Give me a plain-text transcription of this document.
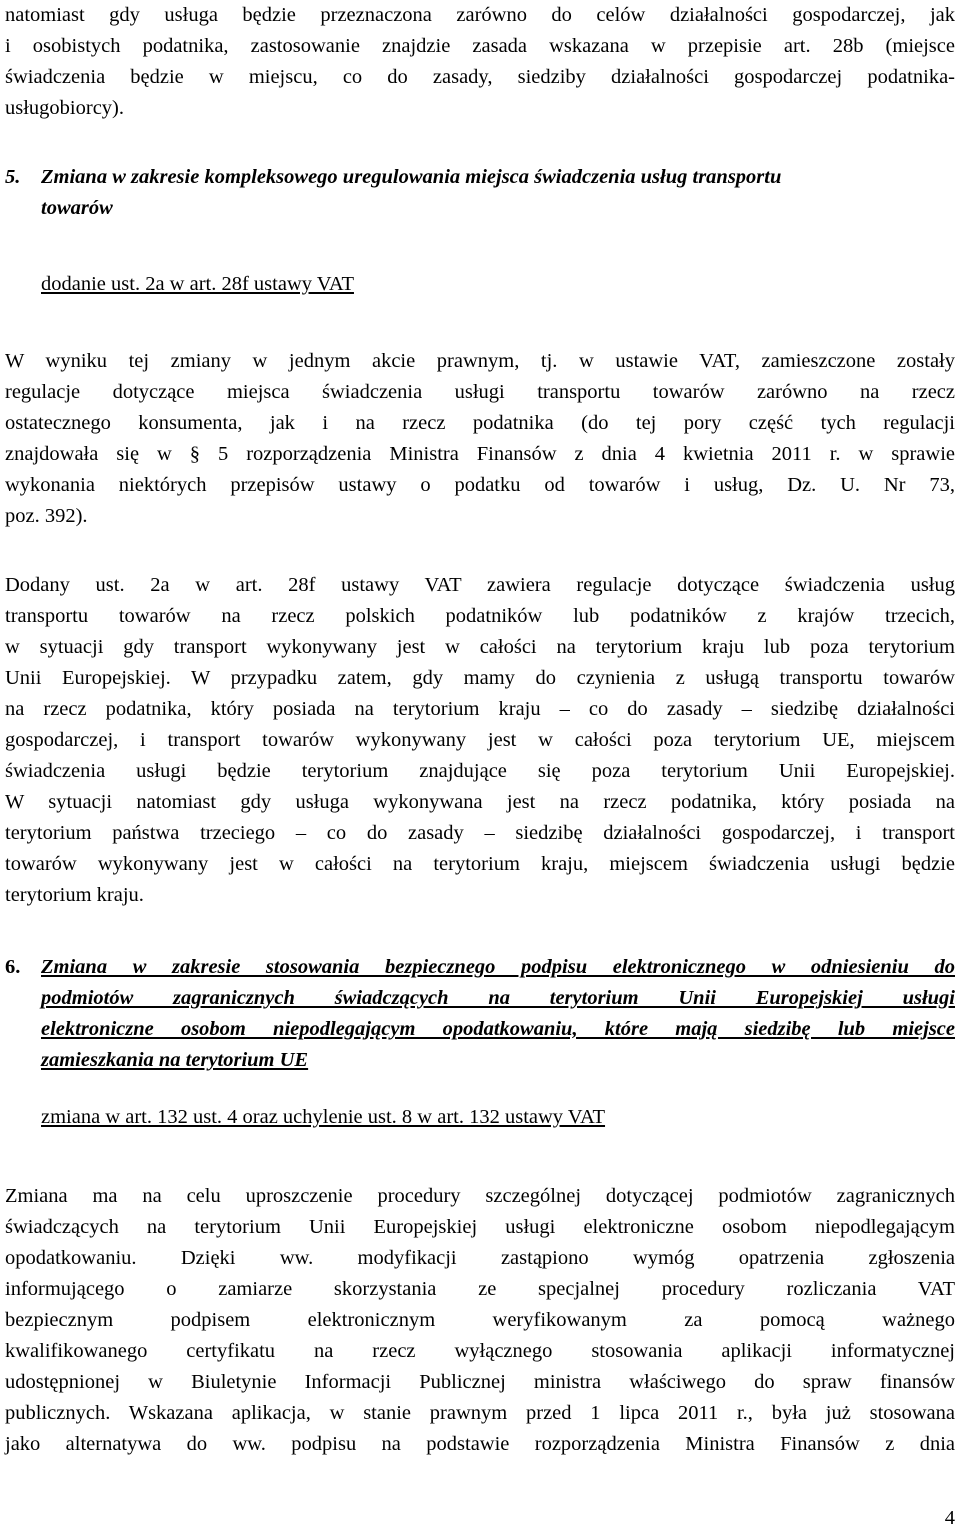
natomiast gdy usługa będzie przeznaczona zarówno do celów działalności gospodarczej, jak
i osobistych podatnika, zastosowanie znajdzie zasada wskazana w przepisie art. 28b (miejsce
świadczenia będzie w miejscu, co do zasady, siedziby działalności gospodarczej podatnika-
usługobiorcy).
5. Zmiana w zakresie kompleksowego uregulowania miejsca świadczenia usług transportu
towarów
dodanie ust. 2a w art. 28f ustawy VAT
W wyniku tej zmiany w jednym akcie prawnym, tj. w ustawie VAT, zamieszczone zostały
regulacje dotyczące miejsca świadczenia usługi transportu towarów zarówno na rzecz
ostatecznego konsumenta, jak i na rzecz podatnika (do tej pory część tych regulacji
znajdowała się w § 5 rozporządzenia Ministra Finansów z dnia 4 kwietnia 2011 r. w sprawie
wykonania niektórych przepisów ustawy o podatku od towarów i usług, Dz. U. Nr 73,
poz. 392).
Dodany ust. 2a w art. 28f ustawy VAT zawiera regulacje dotyczące świadczenia usług
transportu towarów na rzecz polskich podatników lub podatników z krajów trzecich,
w sytuacji gdy transport wykonywany jest w całości na terytorium kraju lub poza terytorium
Unii Europejskiej. W przypadku zatem, gdy mamy do czynienia z usługą transportu towarów
na rzecz podatnika, który posiada na terytorium kraju – co do zasady – siedzibę działalności
gospodarczej, i transport towarów wykonywany jest w całości poza terytorium UE, miejscem
świadczenia usługi będzie terytorium znajdujące się poza terytorium Unii Europejskiej.
W sytuacji natomiast gdy usługa wykonywana jest na rzecz podatnika, który posiada na
terytorium państwa trzeciego – co do zasady – siedzibę działalności gospodarczej, i transport
towarów wykonywany jest w całości na terytorium kraju, miejscem świadczenia usługi będzie
terytorium kraju.
6. Zmiana w zakresie stosowania bezpiecznego podpisu elektronicznego w odniesieniu do
podmiotów zagranicznych świadczących na terytorium Unii Europejskiej usługi
elektroniczne osobom niepodlegającym opodatkowaniu, które mają siedzibę lub miejsce
zamieszkania na terytorium UE
zmiana w art. 132 ust. 4 oraz uchylenie ust. 8 w art. 132 ustawy VAT
Zmiana ma na celu uproszczenie procedury szczególnej dotyczącej podmiotów zagranicznych
świadczących na terytorium Unii Europejskiej usługi elektroniczne osobom niepodlegającym
opodatkowaniu. Dzięki ww. modyfikacji zastąpiono wymóg opatrzenia zgłoszenia
informującego o zamiarze skorzystania ze specjalnej procedury rozliczania VAT
bezpiecznym podpisem elektronicznym weryfikowanym za pomocą ważnego
kwalifikowanego certyfikatu na rzecz wyłącznego stosowania aplikacji informatycznej
udostępnionej w Biuletynie Informacji Publicznej ministra właściwego do spraw finansów
publicznych. Wskazana aplikacja, w stanie prawnym przed 1 lipca 2011 r., była już stosowana
jako alternatywa do ww. podpisu na podstawie rozporządzenia Ministra Finansów z dnia
4
